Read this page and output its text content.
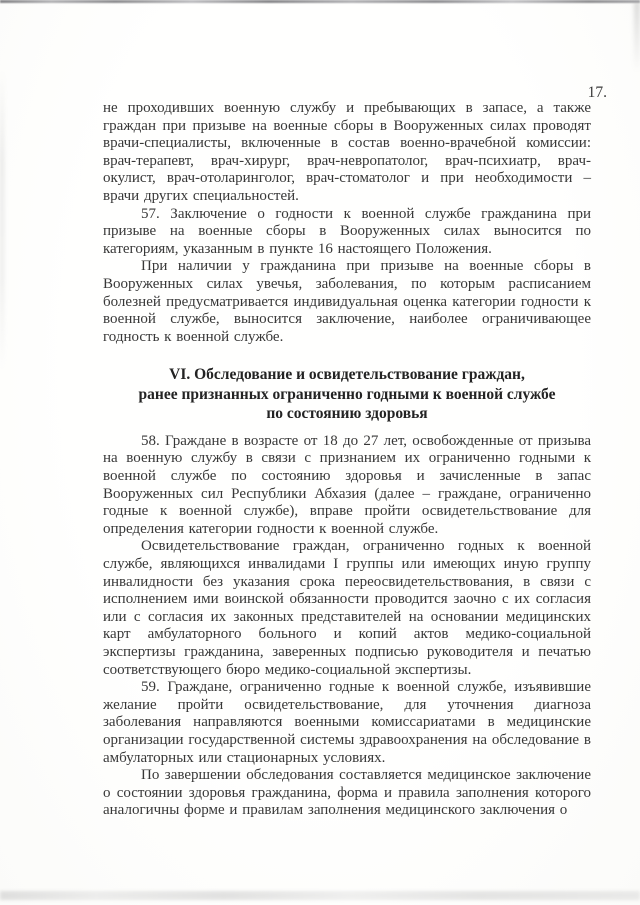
17.

не проходивших военную службу и пребывающих в запасе, а также граждан при призыве на военные сборы в Вооруженных силах проводят врачи-специалисты, включенные в состав военно-врачебной комиссии: врач-терапевт, врач-хирург, врач-невропатолог, врач-психиатр, врач-окулист, врач-отоларинголог, врач-стоматолог и при необходимости – врачи других специальностей.

57. Заключение о годности к военной службе гражданина при призыве на военные сборы в Вооруженных силах выносится по категориям, указанным в пункте 16 настоящего Положения.

При наличии у гражданина при призыве на военные сборы в Вооруженных силах увечья, заболевания, по которым расписанием болезней предусматривается индивидуальная оценка категории годности к военной службе, выносится заключение, наиболее ограничивающее годность к военной службе.

VI. Обследование и освидетельствование граждан,
ранее признанных ограниченно годными к военной службе
по состоянию здоровья

58. Граждане в возрасте от 18 до 27 лет, освобожденные от призыва на военную службу в связи с признанием их ограниченно годными к военной службе по состоянию здоровья и зачисленные в запас Вооруженных сил Республики Абхазия (далее – граждане, ограниченно годные к военной службе), вправе пройти освидетельствование для определения категории годности к военной службе.

Освидетельствование граждан, ограниченно годных к военной службе, являющихся инвалидами I группы или имеющих иную группу инвалидности без указания срока переосвидетельствования, в связи с исполнением ими воинской обязанности проводится заочно с их согласия или с согласия их законных представителей на основании медицинских карт амбулаторного больного и копий актов медико-социальной экспертизы гражданина, заверенных подписью руководителя и печатью соответствующего бюро медико-социальной экспертизы.

59. Граждане, ограниченно годные к военной службе, изъявившие желание пройти освидетельствование, для уточнения диагноза заболевания направляются военными комиссариатами в медицинские организации государственной системы здравоохранения на обследование в амбулаторных или стационарных условиях.

По завершении обследования составляется медицинское заключение о состоянии здоровья гражданина, форма и правила заполнения которого аналогичны форме и правилам заполнения медицинского заключения о
